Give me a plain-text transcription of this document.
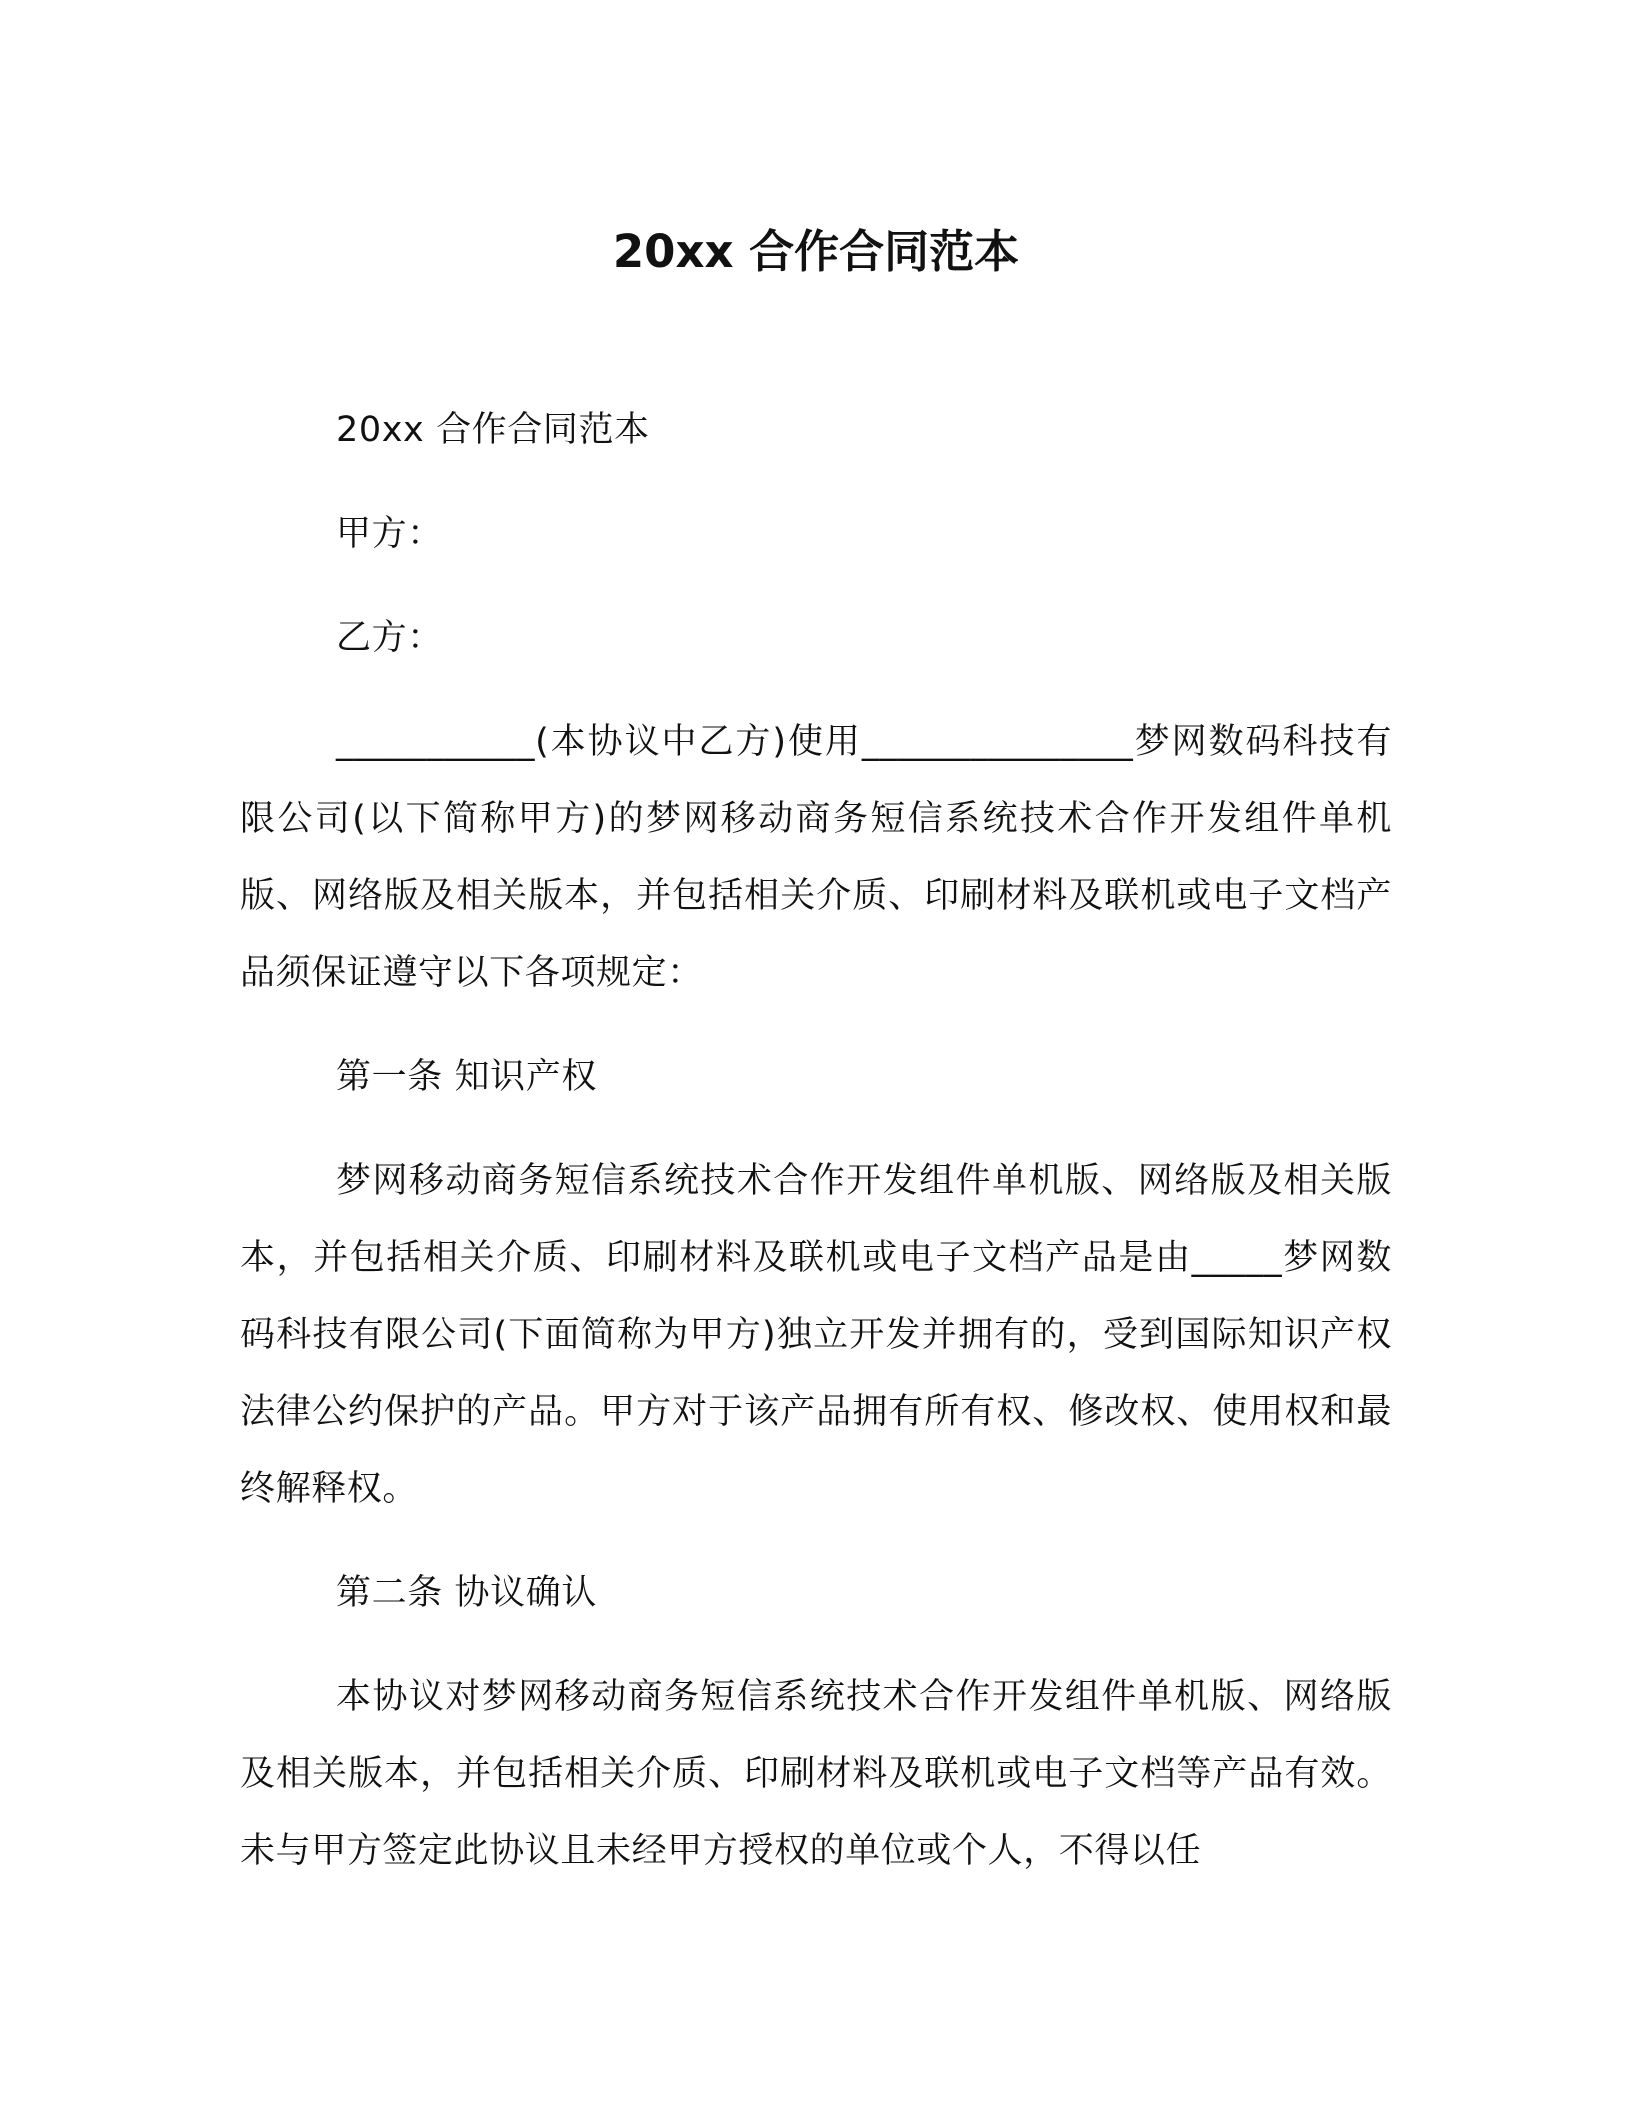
20xx 合作合同范本

20xx 合作合同范本

甲方：

乙方：

___________(本协议中乙方)使用_______________梦网数码科技有限公司(以下简称甲方)的梦网移动商务短信系统技术合作开发组件单机版、网络版及相关版本，并包括相关介质、印刷材料及联机或电子文档产品须保证遵守以下各项规定：

第一条 知识产权

梦网移动商务短信系统技术合作开发组件单机版、网络版及相关版本，并包括相关介质、印刷材料及联机或电子文档产品是由_____梦网数码科技有限公司(下面简称为甲方)独立开发并拥有的，受到国际知识产权法律公约保护的产品。甲方对于该产品拥有所有权、修改权、使用权和最终解释权。

第二条 协议确认

本协议对梦网移动商务短信系统技术合作开发组件单机版、网络版及相关版本，并包括相关介质、印刷材料及联机或电子文档等产品有效。未与甲方签定此协议且未经甲方授权的单位或个人，不得以任
